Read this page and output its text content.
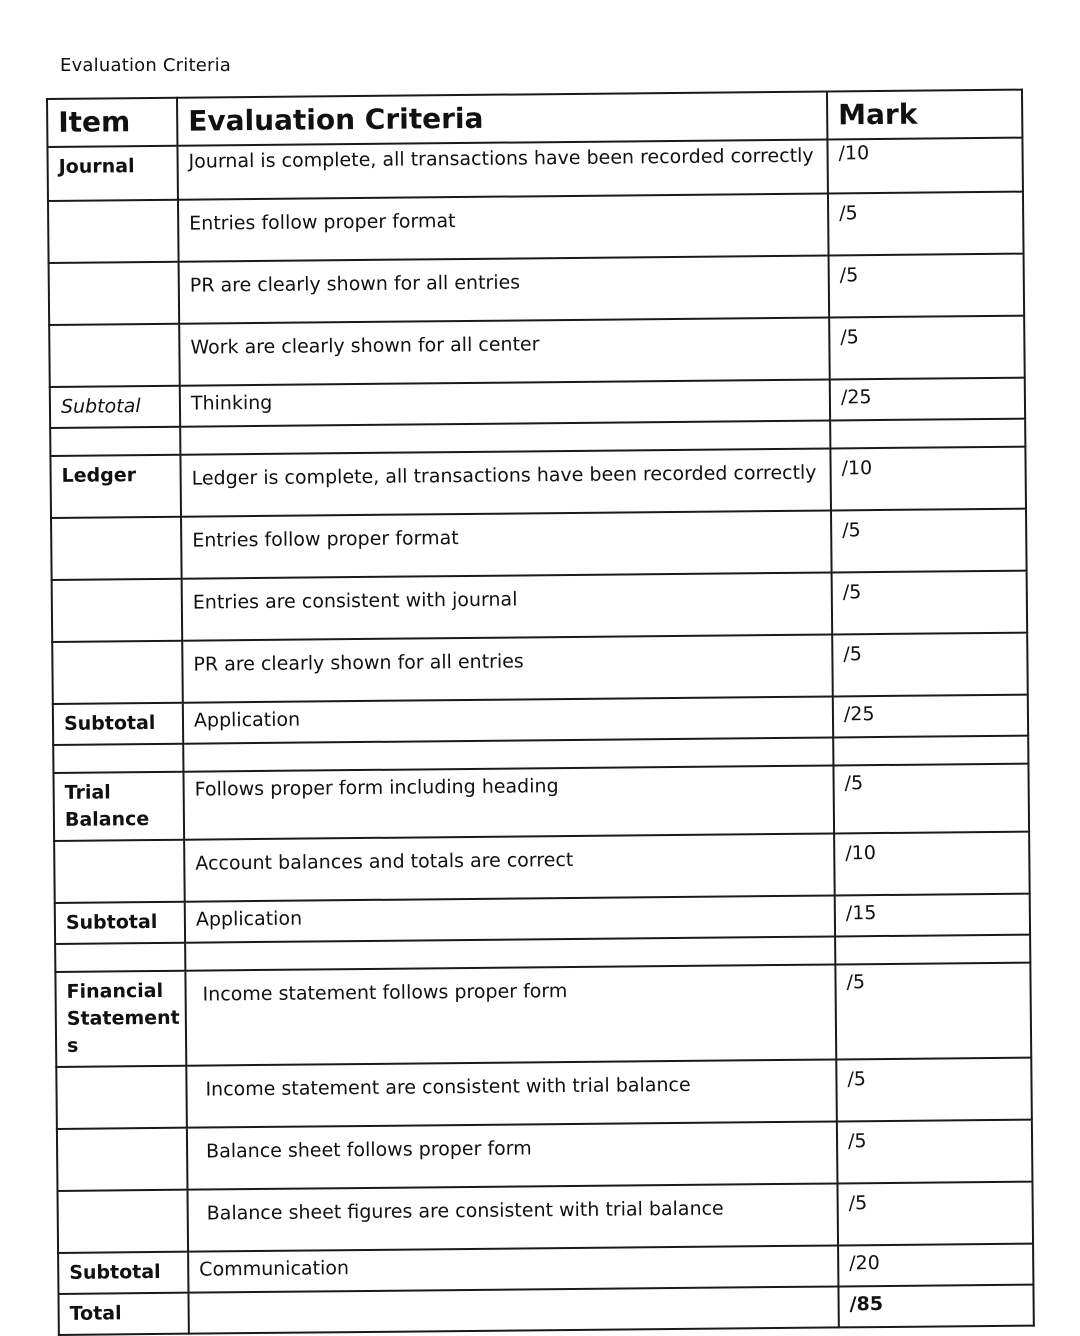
Evaluation Criteria
Item	Evaluation Criteria	Mark
Journal	Journal is complete, all transactions have been recorded correctly	/10
	Entries follow proper format	/5
	PR are clearly shown for all entries	/5
	Work are clearly shown for all center	/5
Subtotal	Thinking	/25

Ledger	Ledger is complete, all transactions have been recorded correctly	/10
	Entries follow proper format	/5
	Entries are consistent with journal	/5
	PR are clearly shown for all entries	/5
Subtotal	Application	/25

Trial
Balance	Follows proper form including heading	/5
	Account balances and totals are correct	/10
Subtotal	Application	/15

Financial
Statement
s	Income statement follows proper form	/5
	Income statement are consistent with trial balance	/5
	Balance sheet follows proper form	/5
	Balance sheet figures are consistent with trial balance	/5
Subtotal	Communication	/20
Total		/85
